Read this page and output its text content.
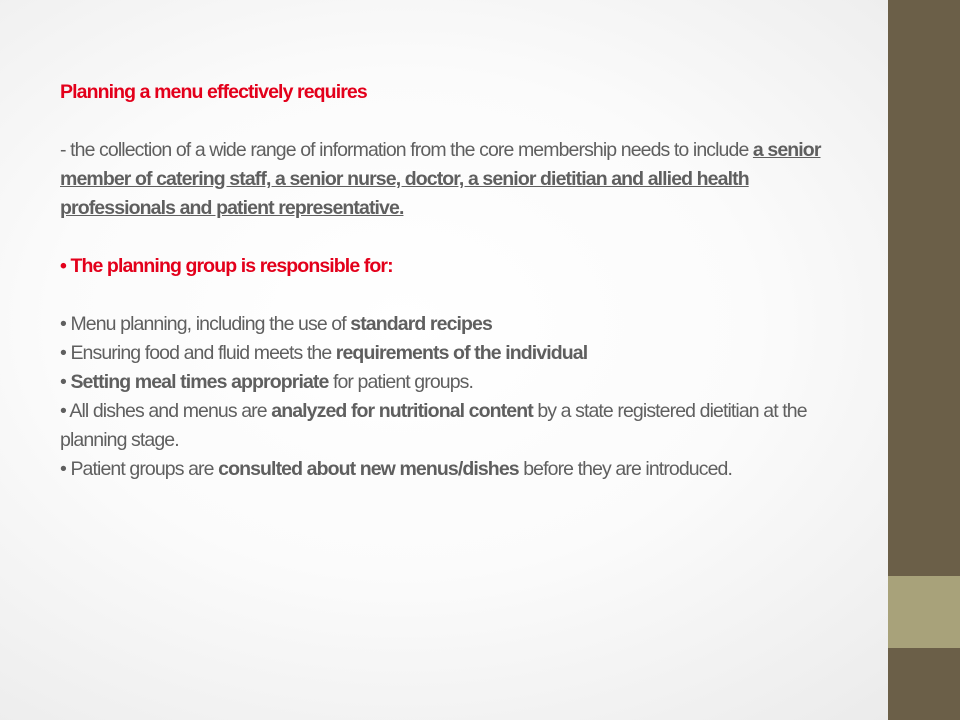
Planning a menu effectively requires

- the collection of a wide range of information from the core membership needs to include a senior member of catering staff, a senior nurse, doctor, a senior dietitian and allied health professionals and patient representative.

• The planning group is responsible for:

• Menu planning, including the use of standard recipes

• Ensuring food and fluid meets the requirements of the individual

• Setting meal times appropriate for patient groups.

• All dishes and menus are analyzed for nutritional content by a state registered dietitian at the planning stage.

• Patient groups are consulted about new menus/dishes before they are introduced.
